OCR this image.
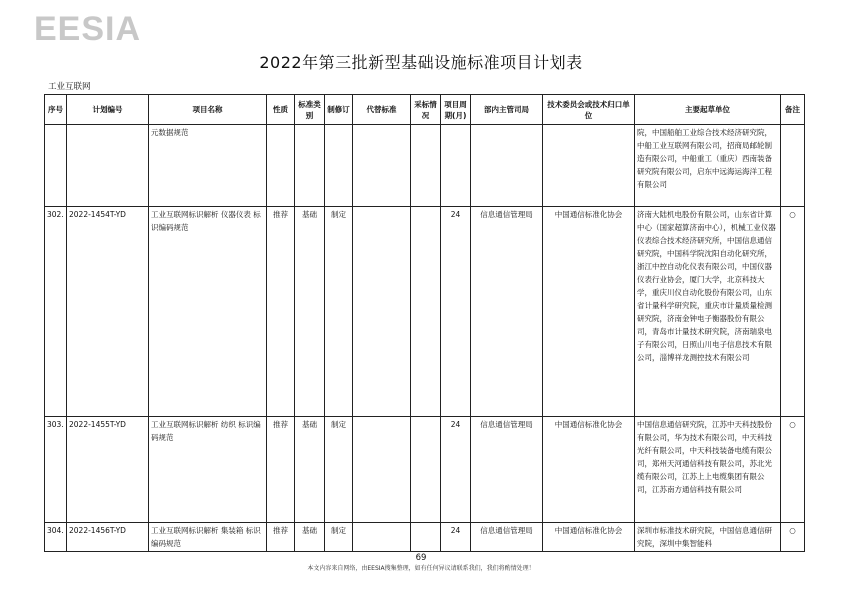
EESIA
2022年第三批新型基础设施标准项目计划表
工业互联网
序号	计划编号	项目名称	性质	标准类别	制修订	代替标准	采标情况	项目周期(月)	部内主管司局	技术委员会或技术归口单位	主要起草单位	备注
		元数据规范									院，中国船舶工业综合技术经济研究院，中船工业互联网有限公司，招商局邮轮制造有限公司，中船重工（重庆）西南装备研究院有限公司，启东中远海运海洋工程有限公司	
302.	2022-1454T-YD	工业互联网标识解析 仪器仪表 标识编码规范	推荐	基础	制定			24	信息通信管理局	中国通信标准化协会	济南大陆机电股份有限公司，山东省计算中心（国家超算济南中心），机械工业仪器仪表综合技术经济研究所，中国信息通信研究院，中国科学院沈阳自动化研究所，浙江中控自动化仪表有限公司，中国仪器仪表行业协会，厦门大学，北京科技大学，重庆川仪自动化股份有限公司，山东省计量科学研究院，重庆市计量质量检测研究院，济南金钟电子衡器股份有限公司，青岛市计量技术研究院，济南瑞泉电子有限公司，日照山川电子信息技术有限公司，淄博祥龙测控技术有限公司	○
303.	2022-1455T-YD	工业互联网标识解析 纺织 标识编码规范	推荐	基础	制定			24	信息通信管理局	中国通信标准化协会	中国信息通信研究院，江苏中天科技股份有限公司，华为技术有限公司，中天科技光纤有限公司，中天科技装备电缆有限公司，郑州天河通信科技有限公司，苏北光缆有限公司，江苏上上电缆集团有限公司，江苏南方通信科技有限公司	○
304.	2022-1456T-YD	工业互联网标识解析 集装箱 标识编码规范	推荐	基础	制定			24	信息通信管理局	中国通信标准化协会	深圳市标准技术研究院，中国信息通信研究院，深圳中集智能科	○
69
本文内容来自网络，由EESIA搜集整理，如有任何异议请联系我们，我们将酌情处理！
